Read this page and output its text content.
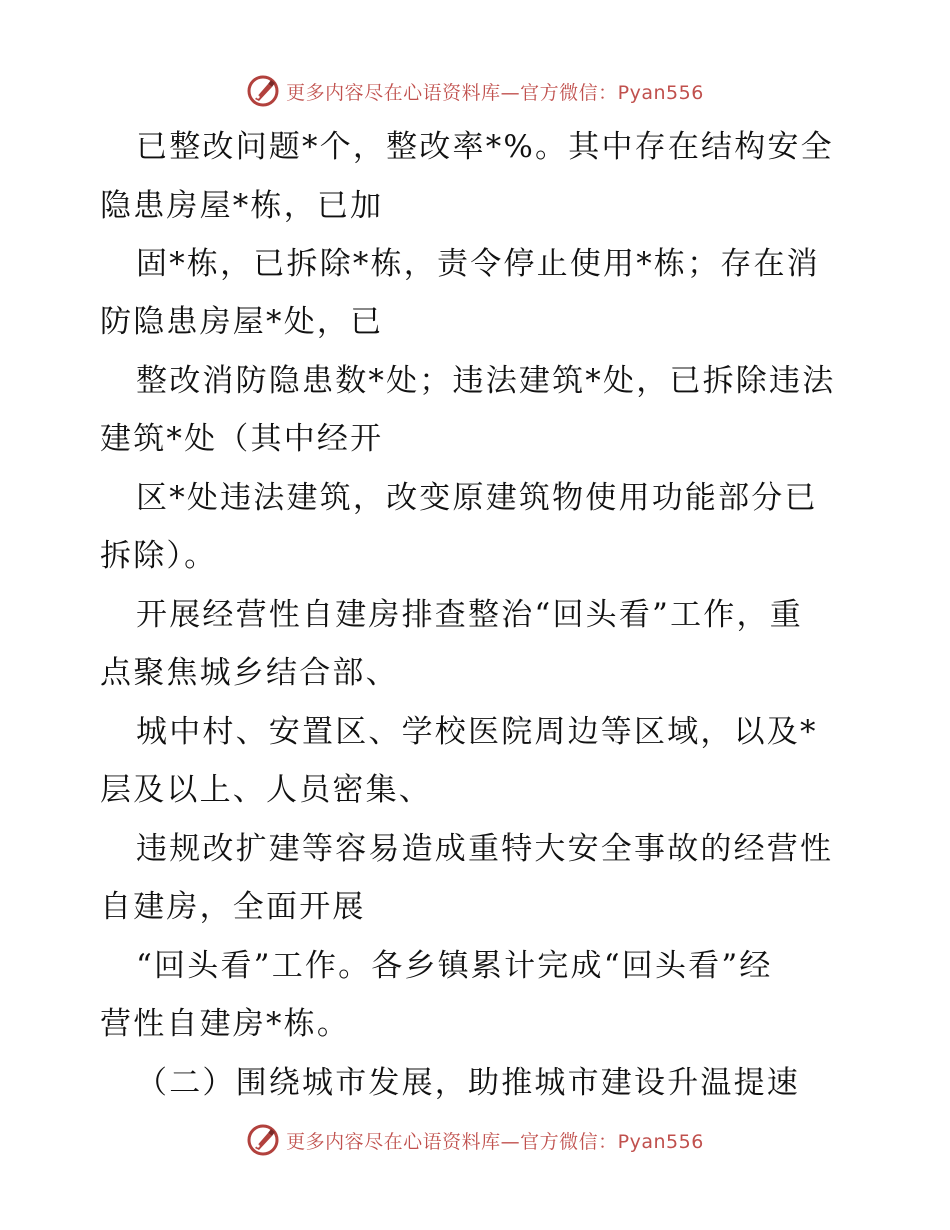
更多内容尽在心语资料库—官方微信：Pyan556
已整改问题*个，整改率*%。其中存在结构安全
隐患房屋*栋，已加
固*栋，已拆除*栋，责令停止使用*栋；存在消
防隐患房屋*处，已
整改消防隐患数*处；违法建筑*处，已拆除违法
建筑*处（其中经开
区*处违法建筑，改变原建筑物使用功能部分已
拆除）。
开展经营性自建房排查整治“回头看”工作，重
点聚焦城乡结合部、
城中村、安置区、学校医院周边等区域，以及*
层及以上、人员密集、
违规改扩建等容易造成重特大安全事故的经营性
自建房，全面开展
“回头看”工作。各乡镇累计完成“回头看”经
营性自建房*栋。
（二）围绕城市发展，助推城市建设升温提速
更多内容尽在心语资料库—官方微信：Pyan556
